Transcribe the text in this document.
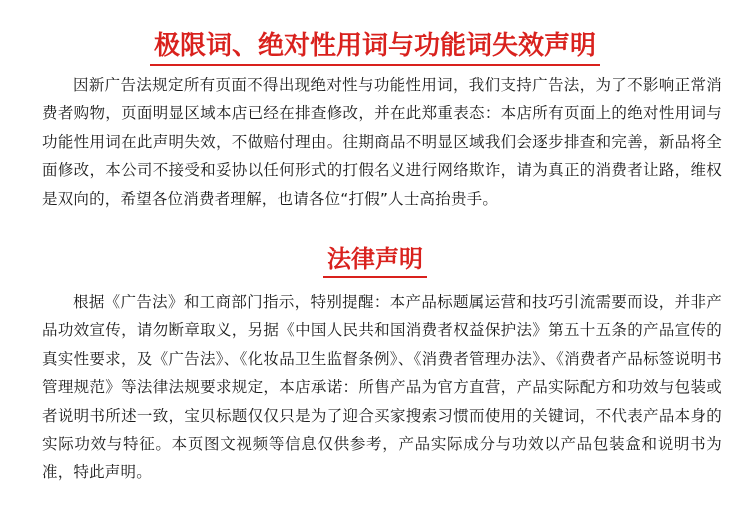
极限词、绝对性用词与功能词失效声明

因新广告法规定所有页面不得出现绝对性与功能性用词，我们支持广告法，为了不影响正常消费者购物，页面明显区域本店已经在排查修改，并在此郑重表态：本店所有页面上的绝对性用词与功能性用词在此声明失效，不做赔付理由。往期商品不明显区域我们会逐步排查和完善，新品将全面修改，本公司不接受和妥协以任何形式的打假名义进行网络欺诈，请为真正的消费者让路，维权是双向的，希望各位消费者理解，也请各位“打假”人士高抬贵手。

法律声明

根据《广告法》和工商部门指示，特别提醒：本产品标题属运营和技巧引流需要而设，并非产品功效宣传，请勿断章取义，另据《中国人民共和国消费者权益保护法》第五十五条的产品宣传的真实性要求，及《广告法》、《化妆品卫生监督条例》、《消费者管理办法》、《消费者产品标签说明书管理规范》等法律法规要求规定，本店承诺：所售产品为官方直营，产品实际配方和功效与包装或者说明书所述一致，宝贝标题仅仅只是为了迎合买家搜索习惯而使用的关键词，不代表产品本身的实际功效与特征。本页图文视频等信息仅供参考，产品实际成分与功效以产品包装盒和说明书为准，特此声明。
